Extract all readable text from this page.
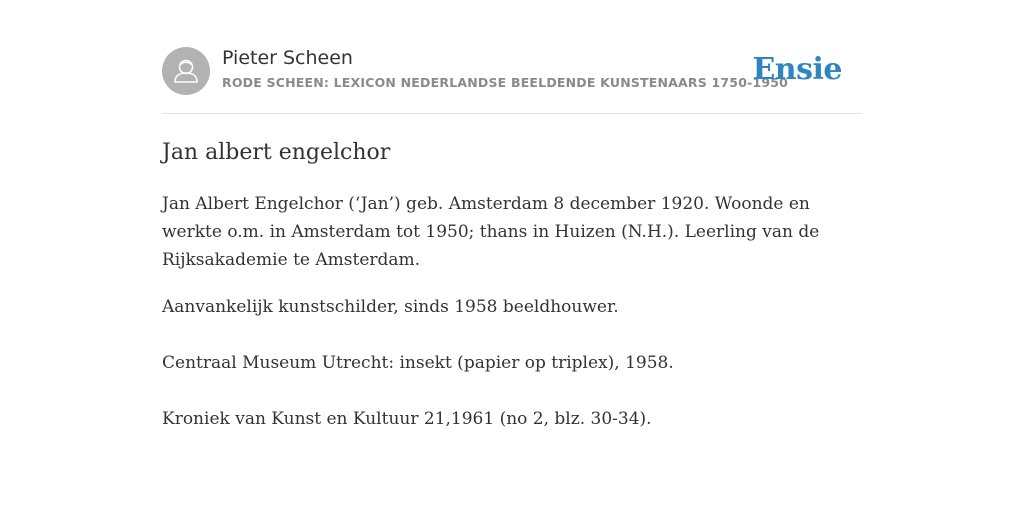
Pieter Scheen
RODE SCHEEN: LEXICON NEDERLANDSE BEELDENDE KUNSTENAARS 1750-1950
Ensie
Jan albert engelchor

Jan Albert Engelchor (‘Jan’) geb. Amsterdam 8 december 1920. Woonde en werkte o.m. in Amsterdam tot 1950; thans in Huizen (N.H.). Leerling van de Rijksakademie te Amsterdam.

Aanvankelijk kunstschilder, sinds 1958 beeldhouwer.

Centraal Museum Utrecht: insekt (papier op triplex), 1958.

Kroniek van Kunst en Kultuur 21,1961 (no 2, blz. 30-34).
